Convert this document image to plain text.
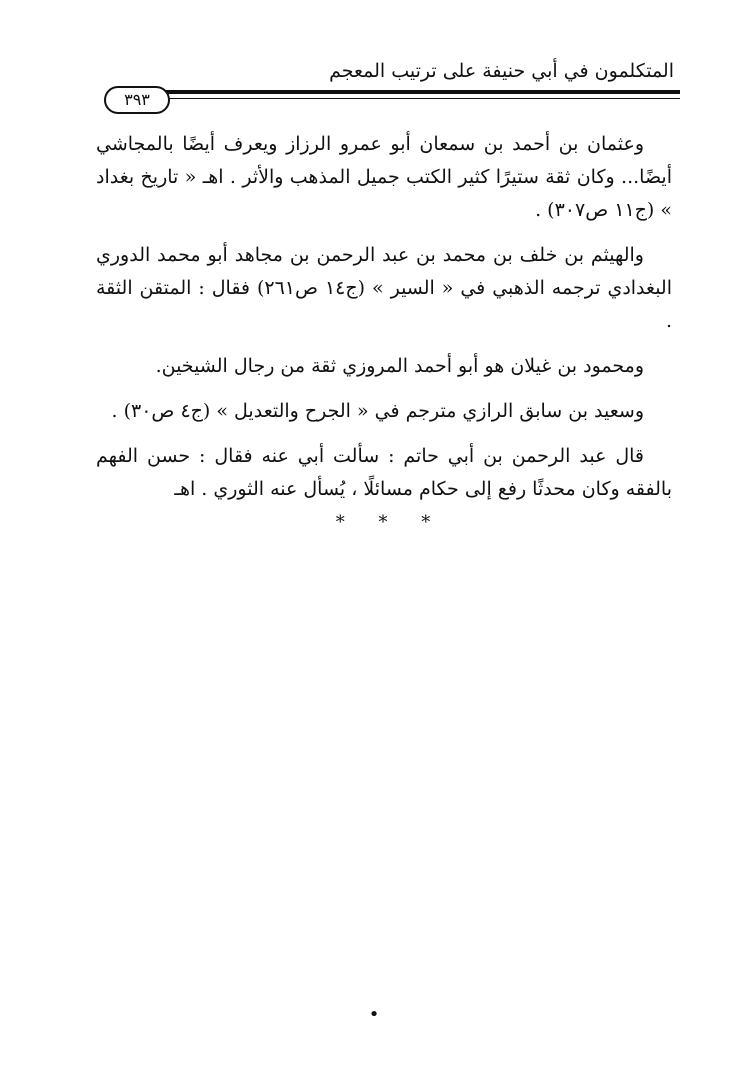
المتكلمون في أبي حنيفة على ترتيب المعجم
٣٩٣

وعثمان بن أحمد بن سمعان أبو عمرو الرزاز ويعرف أيضًا بالمجاشي أيضًا... وكان ثقة ستيرًا كثير الكتب جميل المذهب والأثر . اهـ « تاريخ بغداد » (ج١١ ص٣٠٧) .

والهيثم بن خلف بن محمد بن عبد الرحمن بن مجاهد أبو محمد الدوري البغدادي ترجمه الذهبي في « السير » (ج١٤ ص٢٦١) فقال : المتقن الثقة .

ومحمود بن غيلان هو أبو أحمد المروزي ثقة من رجال الشيخين.

وسعيد بن سابق الرازي مترجم في « الجرح والتعديل » (ج٤ ص٣٠) .

قال عبد الرحمن بن أبي حاتم : سألت أبي عنه فقال : حسن الفهم بالفقه وكان محدثًا رفع إلى حكام مسائلًا ، يُسأل عنه الثوري . اهـ

* * *
•
